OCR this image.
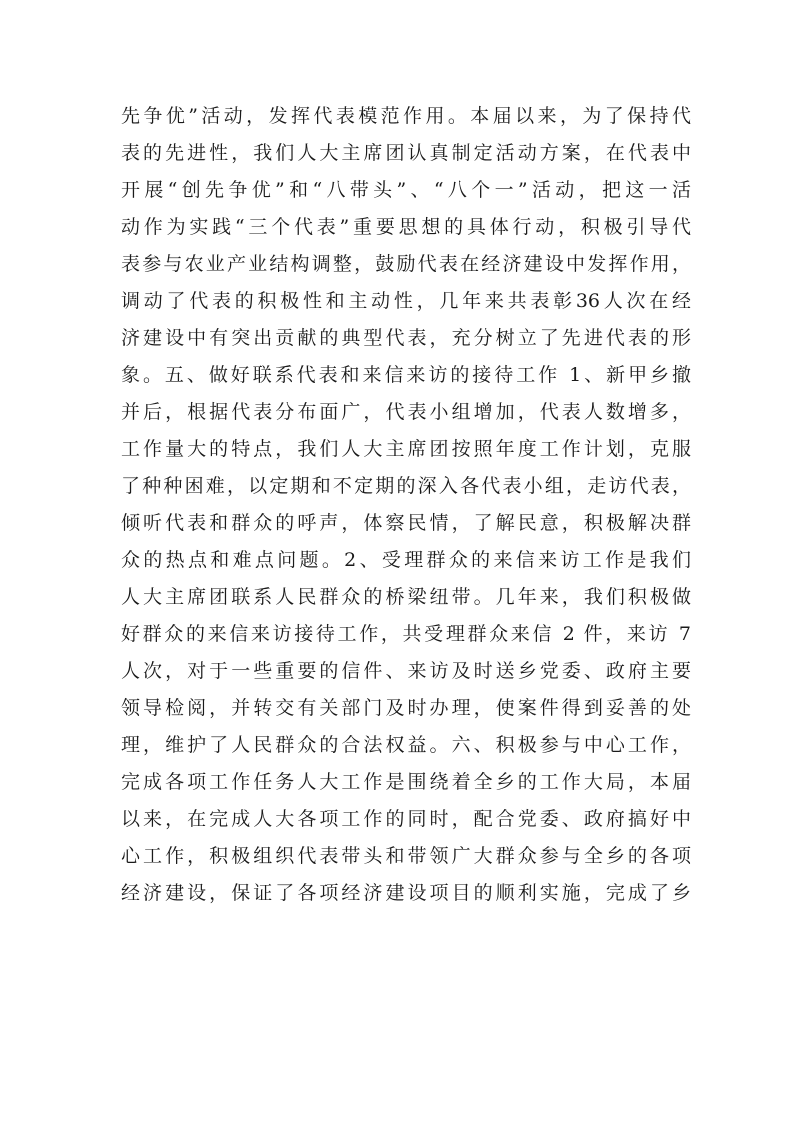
先争优”活动，发挥代表模范作用。本届以来，为了保持代
表的先进性，我们人大主席团认真制定活动方案，在代表中
开展“创先争优”和“八带头”、“八个一”活动，把这一活
动作为实践“三个代表”重要思想的具体行动，积极引导代
表参与农业产业结构调整，鼓励代表在经济建设中发挥作用，
调动了代表的积极性和主动性，几年来共表彰36人次在经
济建设中有突出贡献的典型代表，充分树立了先进代表的形
象。五、做好联系代表和来信来访的接待工作 1、新甲乡撤
并后，根据代表分布面广，代表小组增加，代表人数增多，
工作量大的特点，我们人大主席团按照年度工作计划，克服
了种种困难，以定期和不定期的深入各代表小组，走访代表，
倾听代表和群众的呼声，体察民情，了解民意，积极解决群
众的热点和难点问题。2、受理群众的来信来访工作是我们
人大主席团联系人民群众的桥梁纽带。几年来，我们积极做
好群众的来信来访接待工作，共受理群众来信 2 件，来访 7
人次，对于一些重要的信件、来访及时送乡党委、政府主要
领导检阅，并转交有关部门及时办理，使案件得到妥善的处
理，维护了人民群众的合法权益。六、积极参与中心工作，
完成各项工作任务人大工作是围绕着全乡的工作大局，本届
以来，在完成人大各项工作的同时，配合党委、政府搞好中
心工作，积极组织代表带头和带领广大群众参与全乡的各项
经济建设，保证了各项经济建设项目的顺利实施，完成了乡
